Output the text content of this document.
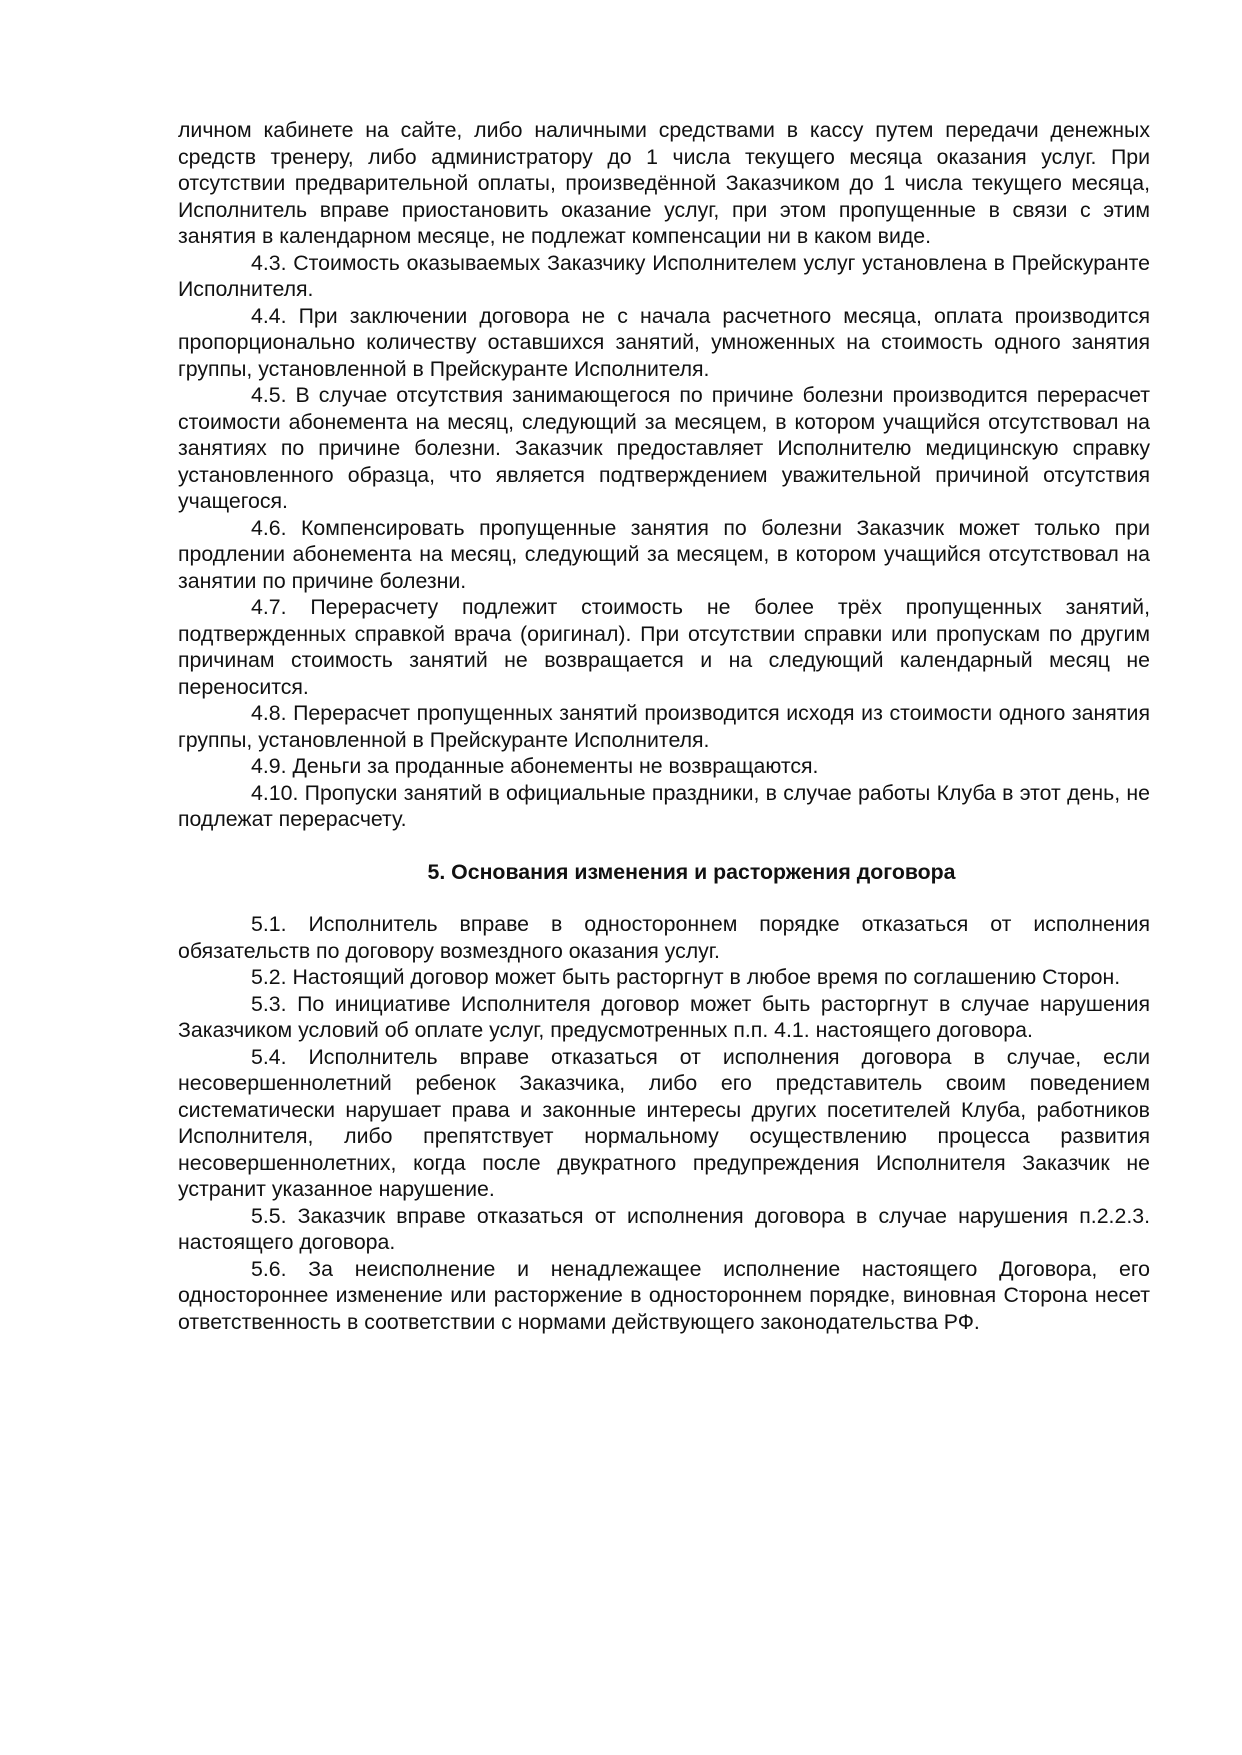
личном кабинете на сайте, либо наличными средствами в кассу путем передачи денежных средств тренеру, либо администратору до 1 числа текущего месяца оказания услуг. При отсутствии предварительной оплаты, произведённой Заказчиком до 1 числа текущего месяца, Исполнитель вправе приостановить оказание услуг, при этом пропущенные в связи с этим занятия в календарном месяце, не подлежат компенсации ни в каком виде.

4.3. Стоимость оказываемых Заказчику Исполнителем услуг установлена в Прейскуранте Исполнителя.

4.4. При заключении договора не с начала расчетного месяца, оплата производится пропорционально количеству оставшихся занятий, умноженных на стоимость одного занятия группы, установленной в Прейскуранте Исполнителя.

4.5. В случае отсутствия занимающегося по причине болезни производится перерасчет стоимости абонемента на месяц, следующий за месяцем, в котором учащийся отсутствовал на занятиях по причине болезни. Заказчик предоставляет Исполнителю медицинскую справку установленного образца, что является подтверждением уважительной причиной отсутствия учащегося.

4.6. Компенсировать пропущенные занятия по болезни Заказчик может только при продлении абонемента на месяц, следующий за месяцем, в котором учащийся отсутствовал на занятии по причине болезни.

4.7. Перерасчету подлежит стоимость не более трёх пропущенных занятий, подтвержденных справкой врача (оригинал). При отсутствии справки или пропускам по другим причинам стоимость занятий не возвращается и на следующий календарный месяц не переносится.

4.8. Перерасчет пропущенных занятий производится исходя из стоимости одного занятия группы, установленной в Прейскуранте Исполнителя.

4.9. Деньги за проданные абонементы не возвращаются.

4.10. Пропуски занятий в официальные праздники, в случае работы Клуба в этот день, не подлежат перерасчету.

5. Основания изменения и расторжения договора

5.1. Исполнитель вправе в одностороннем порядке отказаться от исполнения обязательств по договору возмездного оказания услуг.

5.2. Настоящий договор может быть расторгнут в любое время по соглашению Сторон.

5.3. По инициативе Исполнителя договор может быть расторгнут в случае нарушения Заказчиком условий об оплате услуг, предусмотренных п.п. 4.1. настоящего договора.

5.4. Исполнитель вправе отказаться от исполнения договора в случае, если несовершеннолетний ребенок Заказчика, либо его представитель своим поведением систематически нарушает права и законные интересы других посетителей Клуба, работников Исполнителя, либо препятствует нормальному осуществлению процесса развития несовершеннолетних, когда после двукратного предупреждения Исполнителя Заказчик не устранит указанное нарушение.

5.5. Заказчик вправе отказаться от исполнения договора в случае нарушения п.2.2.3. настоящего договора.

5.6. За неисполнение и ненадлежащее исполнение настоящего Договора, его одностороннее изменение или расторжение в одностороннем порядке, виновная Сторона несет ответственность в соответствии с нормами действующего законодательства РФ.
